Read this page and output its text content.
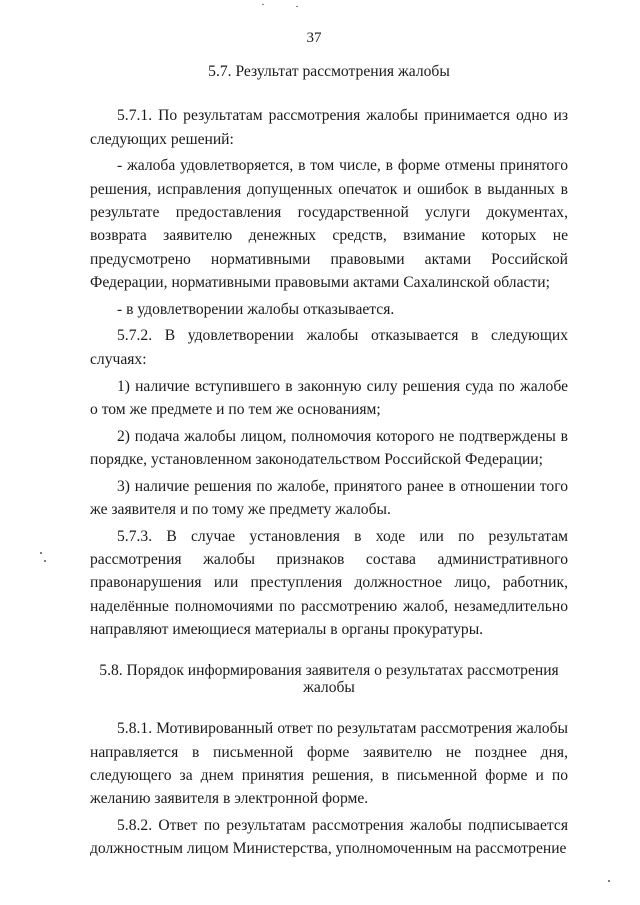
37

5.7. Результат рассмотрения жалобы

5.7.1. По результатам рассмотрения жалобы принимается одно из следующих решений:

- жалоба удовлетворяется, в том числе, в форме отмены принятого решения, исправления допущенных опечаток и ошибок в выданных в результате предоставления государственной услуги документах, возврата заявителю денежных средств, взимание которых не предусмотрено нормативными правовыми актами Российской Федерации, нормативными правовыми актами Сахалинской области;

- в удовлетворении жалобы отказывается.

5.7.2. В удовлетворении жалобы отказывается в следующих случаях:

1) наличие вступившего в законную силу решения суда по жалобе о том же предмете и по тем же основаниям;

2) подача жалобы лицом, полномочия которого не подтверждены в порядке, установленном законодательством Российской Федерации;

3) наличие решения по жалобе, принятого ранее в отношении того же заявителя и по тому же предмету жалобы.

5.7.3. В случае установления в ходе или по результатам рассмотрения жалобы признаков состава административного правонарушения или преступления должностное лицо, работник, наделённые полномочиями по рассмотрению жалоб, незамедлительно направляют имеющиеся материалы в органы прокуратуры.

5.8. Порядок информирования заявителя о результатах рассмотрения жалобы

5.8.1. Мотивированный ответ по результатам рассмотрения жалобы направляется в письменной форме заявителю не позднее дня, следующего за днем принятия решения, в письменной форме и по желанию заявителя в электронной форме.

5.8.2. Ответ по результатам рассмотрения жалобы подписывается должностным лицом Министерства, уполномоченным на рассмотрение
